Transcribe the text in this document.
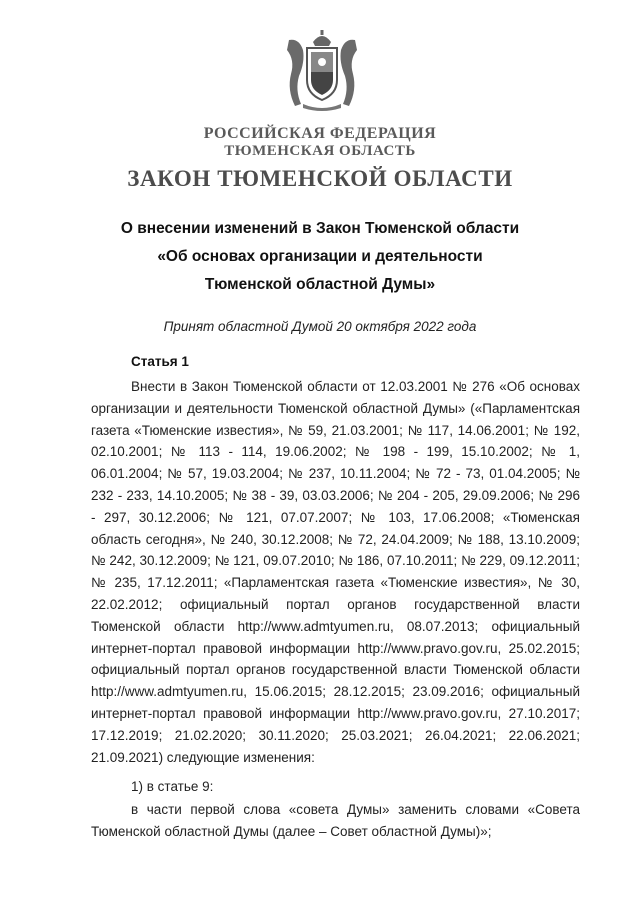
РОССИЙСКАЯ ФЕДЕРАЦИЯ
ТЮМЕНСКАЯ ОБЛАСТЬ
ЗАКОН ТЮМЕНСКОЙ ОБЛАСТИ
О внесении изменений в Закон Тюменской области
«Об основах организации и деятельности
Тюменской областной Думы»
Принят областной Думой 20 октября 2022 года
Статья 1
Внести в Закон Тюменской области от 12.03.2001 № 276 «Об основах организации и деятельности Тюменской областной Думы» («Парламентская газета «Тюменские известия», № 59, 21.03.2001; № 117, 14.06.2001; № 192, 02.10.2001; № 113 - 114, 19.06.2002; № 198 - 199, 15.10.2002; № 1, 06.01.2004; № 57, 19.03.2004; № 237, 10.11.2004; № 72 - 73, 01.04.2005; № 232 - 233, 14.10.2005; № 38 - 39, 03.03.2006; № 204 - 205, 29.09.2006; № 296 - 297, 30.12.2006; № 121, 07.07.2007; № 103, 17.06.2008; «Тюменская область сегодня», № 240, 30.12.2008; № 72, 24.04.2009; № 188, 13.10.2009; № 242, 30.12.2009; № 121, 09.07.2010; № 186, 07.10.2011; № 229, 09.12.2011; № 235, 17.12.2011; «Парламентская газета «Тюменские известия», № 30, 22.02.2012; официальный портал органов государственной власти Тюменской области http://www.admtyumen.ru, 08.07.2013; официальный интернет-портал правовой информации http://www.pravo.gov.ru, 25.02.2015; официальный портал органов государственной власти Тюменской области http://www.admtyumen.ru, 15.06.2015; 28.12.2015; 23.09.2016; официальный интернет-портал правовой информации http://www.pravo.gov.ru, 27.10.2017; 17.12.2019; 21.02.2020; 30.11.2020; 25.03.2021; 26.04.2021; 22.06.2021; 21.09.2021) следующие изменения:
1) в статье 9:
в части первой слова «совета Думы» заменить словами «Совета Тюменской областной Думы (далее – Совет областной Думы)»;
